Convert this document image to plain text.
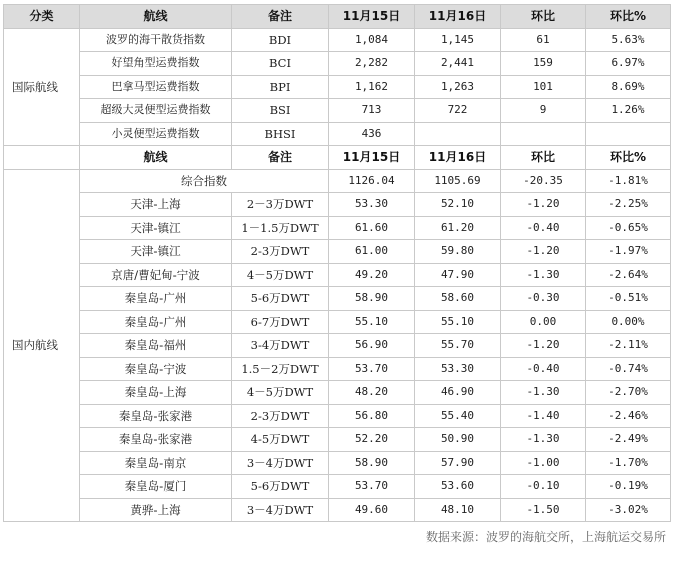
分类	航线	备注	11月15日	11月16日	环比	环比%
国际航线	波罗的海干散货指数	BDI	1,084	1,145	61	5.63%
	好望角型运费指数	BCI	2,282	2,441	159	6.97%
	巴拿马型运费指数	BPI	1,162	1,263	101	8.69%
	超级大灵便型运费指数	BSI	713	722	9	1.26%
	小灵便型运费指数	BHSI	436			
	航线	备注	11月15日	11月16日	环比	环比%
国内航线	综合指数		1126.04	1105.69	-20.35	-1.81%
	天津-上海	2－3万DWT	53.30	52.10	-1.20	-2.25%
	天津-镇江	1－1.5万DWT	61.60	61.20	-0.40	-0.65%
	天津-镇江	2-3万DWT	61.00	59.80	-1.20	-1.97%
	京唐/曹妃甸-宁波	4－5万DWT	49.20	47.90	-1.30	-2.64%
	秦皇岛-广州	5-6万DWT	58.90	58.60	-0.30	-0.51%
	秦皇岛-广州	6-7万DWT	55.10	55.10	0.00	0.00%
	秦皇岛-福州	3-4万DWT	56.90	55.70	-1.20	-2.11%
	秦皇岛-宁波	1.5－2万DWT	53.70	53.30	-0.40	-0.74%
	秦皇岛-上海	4－5万DWT	48.20	46.90	-1.30	-2.70%
	秦皇岛-张家港	2-3万DWT	56.80	55.40	-1.40	-2.46%
	秦皇岛-张家港	4-5万DWT	52.20	50.90	-1.30	-2.49%
	秦皇岛-南京	3－4万DWT	58.90	57.90	-1.00	-1.70%
	秦皇岛-厦门	5-6万DWT	53.70	53.60	-0.10	-0.19%
	黄骅-上海	3－4万DWT	49.60	48.10	-1.50	-3.02%
数据来源：波罗的海航交所，上海航运交易所
